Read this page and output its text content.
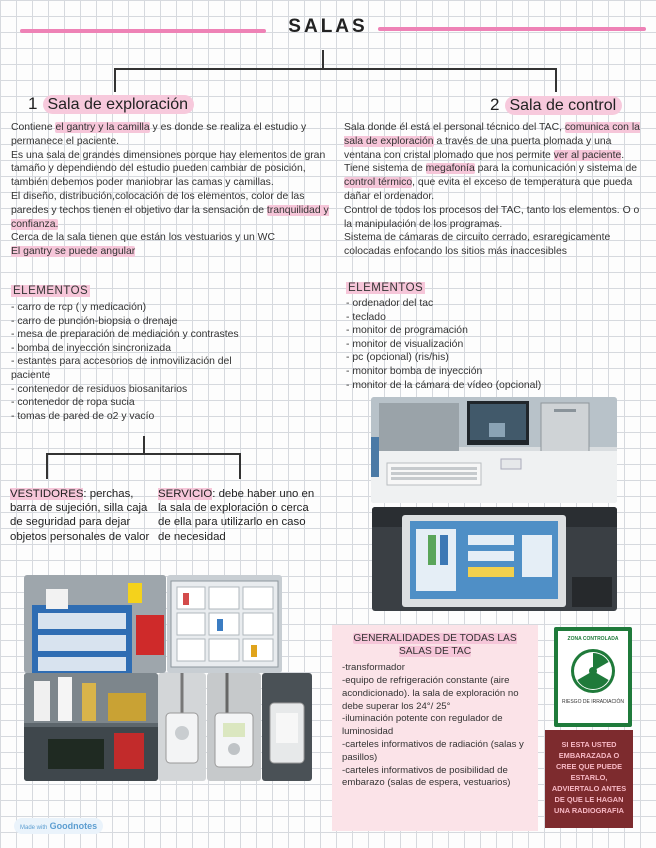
SALAS
1 Sala de exploración	2 Sala de control

Contiene el gantry y la camilla y es donde se realiza el estudio y permanece el paciente.

Es una sala de grandes dimensiones porque hay elementos de gran tamaño y dependiendo del estudio pueden cambiar de posición, también debemos poder maniobrar las camas y camillas.

El diseño, distribución,colocación de los elementos, color de las paredes y techos tienen el objetivo dar la sensación de tranquilidad y confianza.

Cerca de la sala tienen que están los vestuarios y un WC

El gantry se puede angular

Sala donde él está el personal técnico del TAC, comunica con la sala de exploración a través de una puerta plomada y una ventana con cristal plomado que nos permite ver al paciente.

Tiene sistema de megafonía para la comunicación y sistema de control térmico, que evita el exceso de temperatura que pueda dañar el ordenador.

Control de todos los procesos del TAC, tanto los elementos. O o la manipulación de los programas.

Sistema de cámaras de circuito cerrado, esraregicamente colocadas enfocando los sitios más inaccesibles

ELEMENTOS
- carro de rcp ( y medicación)
- carro de punción-biopsia o drenaje
- mesa de preparación de mediación y contrastes
- bomba de inyección sincronizada
- estantes para accesorios de inmovilización del paciente
- contenedor de residuos biosanitarios
- contenedor de ropa sucia
- tomas de pared de o2 y vacío
ELEMENTOS
- ordenador del tac
- teclado
- monitor de programación
- monitor de visualización
- pc (opcional) (ris/his)
- monitor bomba de inyección
- monitor de la cámara de vídeo (opcional)
VESTIDORES: perchas, barra de sujeción, silla caja de seguridad para dejar objetos personales de valor
SERVICIO: debe haber uno en la sala de exploración o cerca de ella para utilizarlo en caso de necesidad
GENERALIDADES DE TODAS LAS SALAS DE TAC
-transformador
-equipo de refrigeración constante (aire acondicionado). la sala de exploración no debe superar los 24°/ 25°
-iluminación potente con regulador de luminosidad
-carteles informativos de radiación (salas y pasillos)
-carteles informativos de posibilidad de embarazo (salas de espera, vestuarios)
ZONA CONTROLADA
RIESGO DE IRRADIACIÓN
SI ESTA USTED EMBARAZADA O CREE QUE PUEDE ESTARLO, ADVIERTALO ANTES DE QUE LE HAGAN UNA RADIOGRAFIA
Made with Goodnotes
